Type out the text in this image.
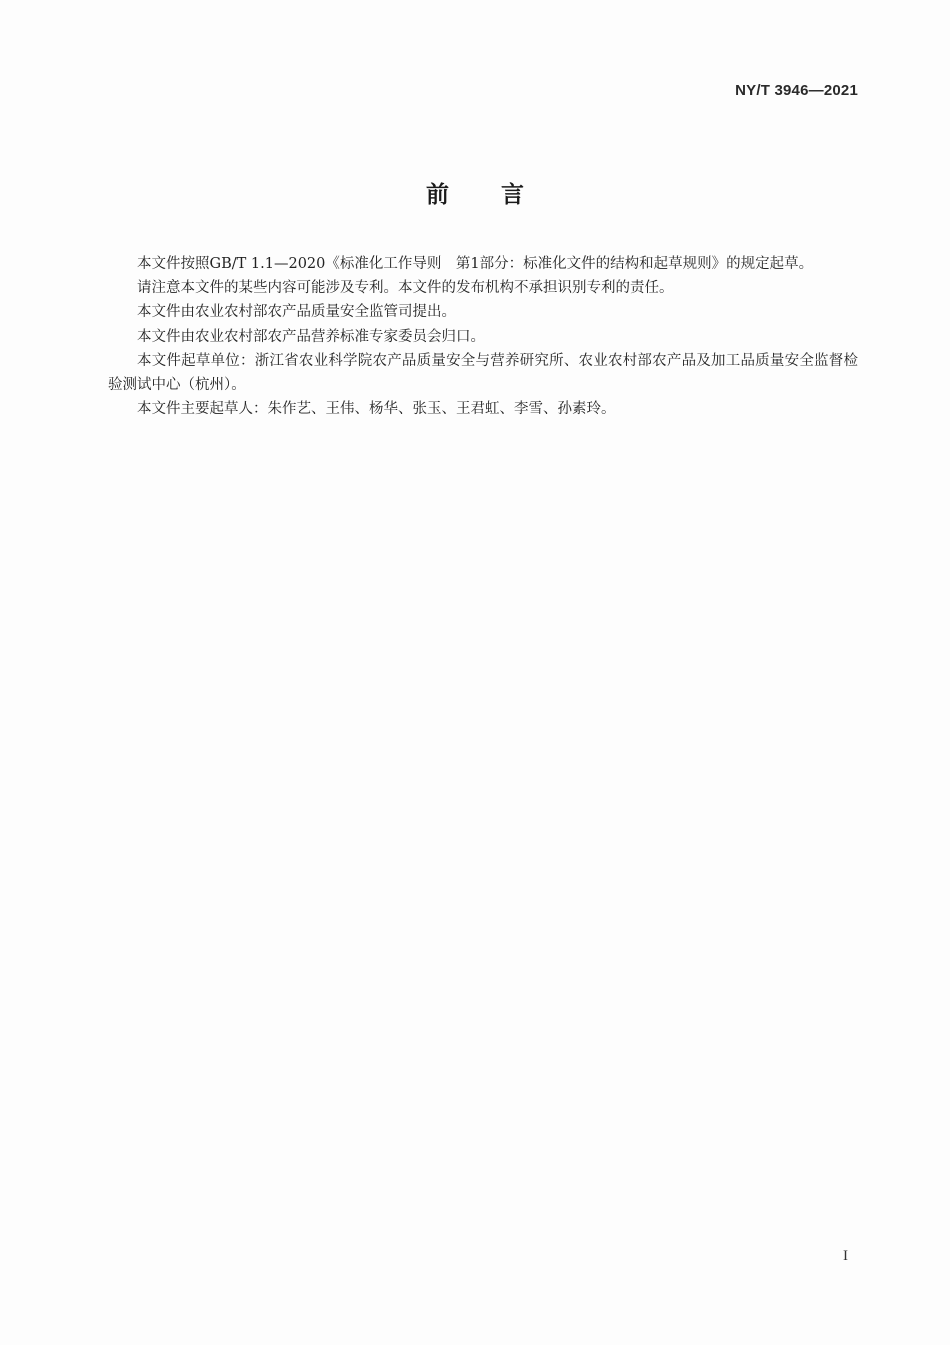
NY/T 3946—2021
前言

本文件按照GB/T 1.1—2020《标准化工作导则　第1部分：标准化文件的结构和起草规则》的规定起草。

请注意本文件的某些内容可能涉及专利。本文件的发布机构不承担识别专利的责任。

本文件由农业农村部农产品质量安全监管司提出。

本文件由农业农村部农产品营养标准专家委员会归口。

本文件起草单位：浙江省农业科学院农产品质量安全与营养研究所、农业农村部农产品及加工品质量安全监督检验测试中心（杭州）。

本文件主要起草人：朱作艺、王伟、杨华、张玉、王君虹、李雪、孙素玲。

I
